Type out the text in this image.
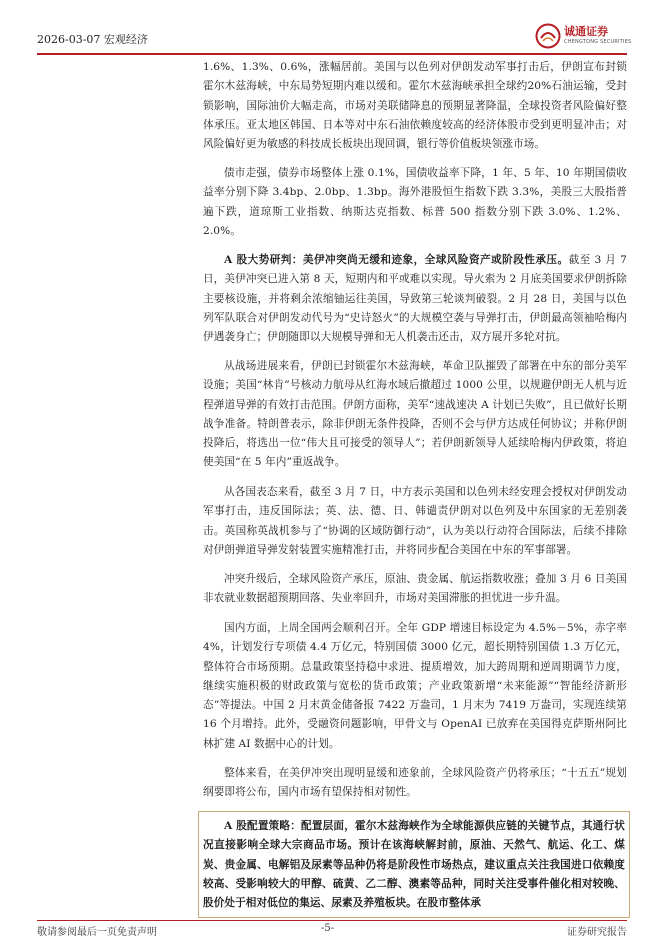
2026-03-07 宏观经济
诚通证券
CHENGTONG SECURITIES

1.6%、1.3%、0.6%，涨幅居前。美国与以色列对伊朗发动军事打击后，伊朗宣布封锁霍尔木兹海峡，中东局势短期内难以缓和。霍尔木兹海峡承担全球约20%石油运输，受封锁影响，国际油价大幅走高，市场对美联储降息的预期显著降温，全球投资者风险偏好整体承压。亚太地区韩国、日本等对中东石油依赖度较高的经济体股市受到更明显冲击；对风险偏好更为敏感的科技成长板块出现回调，银行等价值板块领涨市场。

债市走强，债券市场整体上涨 0.1%，国债收益率下降，1 年、5 年、10 年期国债收益率分别下降 3.4bp、2.0bp、1.3bp。海外港股恒生指数下跌 3.3%，美股三大股指普遍下跌，道琼斯工业指数、纳斯达克指数、标普 500 指数分别下跌 3.0%、1.2%、2.0%。

A 股大势研判：美伊冲突尚无缓和迹象，全球风险资产或阶段性承压。截至 3 月 7 日，美伊冲突已进入第 8 天，短期内和平或难以实现。导火索为 2 月底美国要求伊朗拆除主要核设施，并将剩余浓缩铀运往美国，导致第三轮谈判破裂。2 月 28 日，美国与以色列军队联合对伊朗发动代号为“史诗怒火”的大规模空袭与导弹打击，伊朗最高领袖哈梅内伊遇袭身亡；伊朗随即以大规模导弹和无人机袭击还击，双方展开多轮对抗。

从战场进展来看，伊朗已封锁霍尔木兹海峡，革命卫队摧毁了部署在中东的部分美军设施；美国“林肯”号核动力航母从红海水域后撤超过 1000 公里，以规避伊朗无人机与近程弹道导弹的有效打击范围。伊朗方面称，美军“速战速决 A 计划已失败”，且已做好长期战争准备。特朗普表示，除非伊朗无条件投降，否则不会与伊方达成任何协议；并称伊朗投降后，将选出一位“伟大且可接受的领导人”；若伊朗新领导人延续哈梅内伊政策，将迫使美国“在 5 年内”重返战争。

从各国表态来看，截至 3 月 7 日，中方表示美国和以色列未经安理会授权对伊朗发动军事打击，违反国际法；英、法、德、日、韩谴责伊朗对以色列及中东国家的无差别袭击。英国称英战机参与了“协调的区域防御行动”，认为美以行动符合国际法，后续不排除对伊朗弹道导弹发射装置实施精准打击，并将同步配合美国在中东的军事部署。

冲突升级后，全球风险资产承压，原油、贵金属、航运指数收涨；叠加 3 月 6 日美国非农就业数据超预期回落、失业率回升，市场对美国滞胀的担忧进一步升温。

国内方面，上周全国两会顺利召开。全年 GDP 增速目标设定为 4.5%－5%，赤字率 4%，计划发行专项债 4.4 万亿元，特别国债 3000 亿元，超长期特别国债 1.3 万亿元，整体符合市场预期。总量政策坚持稳中求进、提质增效，加大跨周期和逆周期调节力度，继续实施积极的财政政策与宽松的货币政策；产业政策新增“未来能源”“智能经济新形态”等提法。中国 2 月末黄金储备报 7422 万盎司，1 月末为 7419 万盎司，实现连续第 16 个月增持。此外，受融资问题影响，甲骨文与 OpenAI 已放弃在美国得克萨斯州阿比林扩建 AI 数据中心的计划。

整体来看，在美伊冲突出现明显缓和迹象前，全球风险资产仍将承压；“十五五”规划纲要即将公布，国内市场有望保持相对韧性。

A 股配置策略：配置层面，霍尔木兹海峡作为全球能源供应链的关键节点，其通行状况直接影响全球大宗商品市场。预计在该海峡解封前，原油、天然气、航运、化工、煤炭、贵金属、电解铝及尿素等品种仍将是阶段性市场热点，建议重点关注我国进口依赖度较高、受影响较大的甲醇、硫黄、乙二醇、澳素等品种，同时关注受事件催化相对较晚、股价处于相对低位的集运、尿素及养殖板块。在股市整体承

敬请参阅最后一页免责声明	-5-	证券研究报告
